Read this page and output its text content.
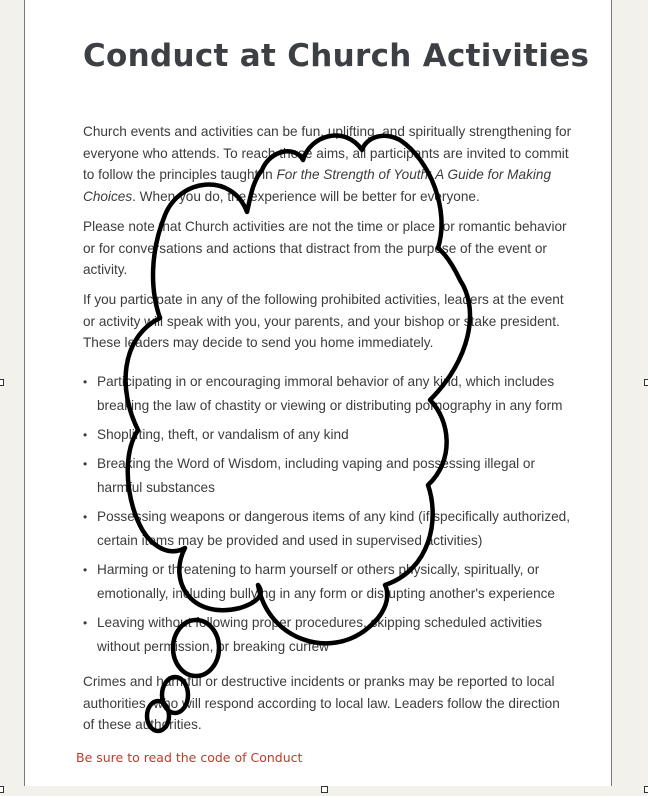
Conduct at Church Activities

Church events and activities can be fun, uplifting, and spiritually strengthening for everyone who attends. To reach these aims, all participants are invited to commit to follow the principles taught in For the Strength of Youth: A Guide for Making Choices. When you do, the experience will be better for everyone.

Please note that Church activities are not the time or place for romantic behavior or for conversations and actions that distract from the purpose of the event or activity.

If you participate in any of the following prohibited activities, leaders at the event or activity will speak with you, your parents, and your bishop or stake president. These leaders may decide to send you home immediately.

• Participating in or encouraging immoral behavior of any kind, which includes breaking the law of chastity or viewing or distributing pornography in any form
• Shoplifting, theft, or vandalism of any kind
• Breaking the Word of Wisdom, including vaping and possessing illegal or harmful substances
• Possessing weapons or dangerous items of any kind (if specifically authorized, certain items may be provided and used in supervised activities)
• Harming or threatening to harm yourself or others physically, spiritually, or emotionally, including bullying in any form or disrupting another's experience
• Leaving without following proper procedures, skipping scheduled activities without permission, or breaking curfew

Crimes and harmful or destructive incidents or pranks may be reported to local authorities, who will respond according to local law. Leaders follow the direction of these authorities.

Be sure to read the code of Conduct
